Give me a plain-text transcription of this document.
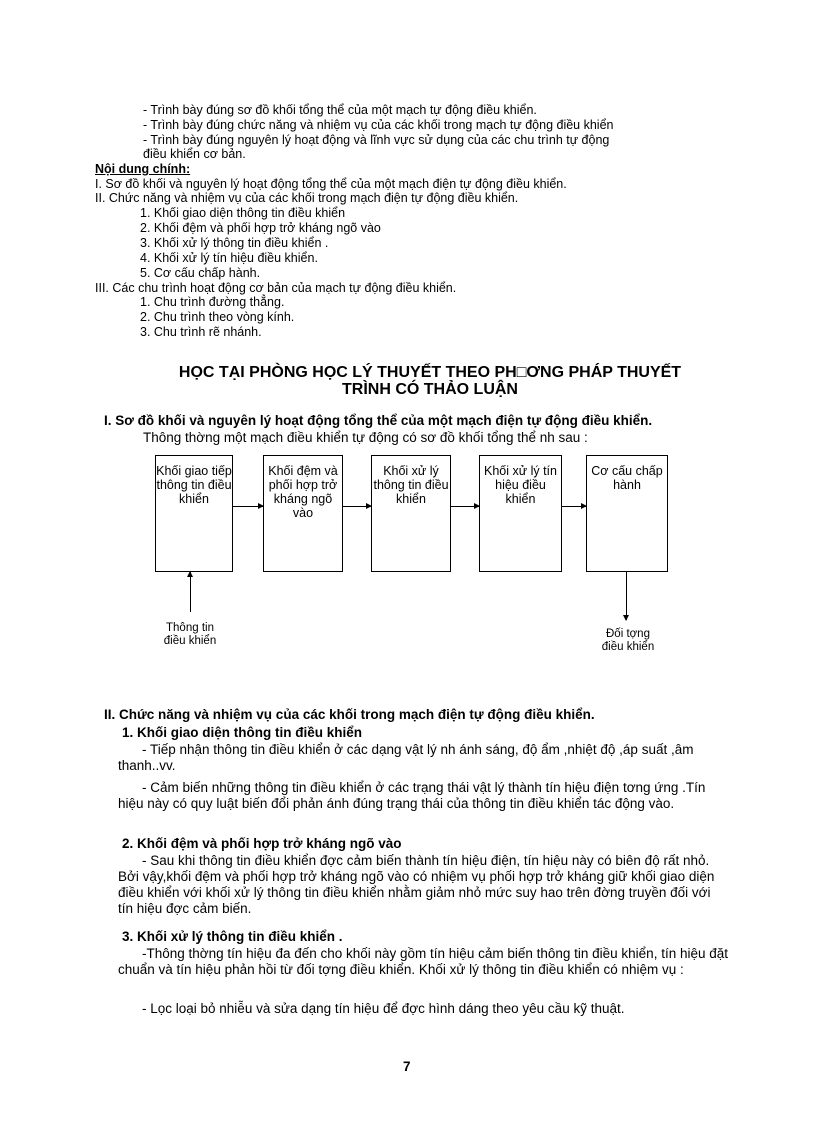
- Trình bày đúng sơ đồ khối tổng thể của một mạch tự động điều khiển.
- Trình bày đúng chức năng và nhiệm vụ của các khối trong mạch tự động điều khiển
- Trình bày đúng nguyên lý hoạt động và lĩnh vực sử dụng của các chu trình tự động
điều khiển cơ bản.
Nội dung chính:
I. Sơ đồ khối và nguyên lý hoạt động tổng thể của một mạch điện tự động điều khiển.
II. Chức năng và nhiệm vụ của các khối trong mạch điện tự động điều khiển.
1. Khối giao diện thông tin điều khiển
2. Khối đệm và phối hợp trở kháng ngõ vào
3. Khối xử lý thông tin điều khiển .
4. Khối xử lý tín hiệu điều khiển.
5. Cơ cấu chấp hành.
III. Các chu trình hoạt động cơ bản của mạch tự động điều khiển.
1. Chu trình đường thẳng.
2. Chu trình theo vòng kính.
3. Chu trình rẽ nhánh.
HỌC TẠI PHÒNG HỌC LÝ THUYẾT THEO PH□ƠNG PHÁP THUYẾT
TRÌNH CÓ THẢO LUẬN
I. Sơ đồ khối và nguyên lý hoạt động tổng thể của một mạch điện tự động điều khiển.
Thông thờng một mạch điều khiển tự động có sơ đồ khối tổng thể nh sau :
Khối giao tiếp thông tin điều khiển
Khối đệm và phối hợp trở kháng ngõ vào
Khối xử lý thông tin điều khiển
Khối xử lý tín hiệu điều khiển
Cơ cấu chấp hành
Thông tin điều khiển
Đối tợng điều khiển
II. Chức năng và nhiệm vụ của các khối trong mạch điện tự động điều khiển.
1. Khối giao diện thông tin điều khiển
- Tiếp nhận thông tin điều khiển ở các dạng vật lý nh ánh sáng, độ ẩm ,nhiệt độ ,áp suất ,âm thanh..vv.
- Cảm biến những thông tin điều khiển ở các trạng thái vật lý thành tín hiệu điện tơng ứng .Tín hiệu này có quy luật biến đổi phản ánh đúng trạng thái của thông tin điều khiển tác động vào.
2. Khối đệm và phối hợp trở kháng ngõ vào
- Sau khi thông tin điều khiển đợc cảm biến thành tín hiệu điện, tín hiệu này có biên độ rất nhỏ. Bởi vậy,khối đệm và phối hợp trở kháng ngõ vào có nhiệm vụ phối hợp trở kháng giữ khối giao diện điều khiển với khối xử lý thông tin điều khiển nhằm giảm nhỏ mức suy hao trên đờng truyền đối với tín hiệu đợc cảm biến.
3. Khối xử lý thông tin điều khiển .
-Thông thờng tín hiệu đa đến cho khối này gồm tín hiệu cảm biến thông tin điều khiển, tín hiệu đặt chuẩn và tín hiệu phản hồi từ đối tợng điều khiển. Khối xử lý thông tin điều khiển có nhiệm vụ :
- Lọc loại bỏ nhiễu và sửa dạng tín hiệu để đợc hình dáng theo yêu cầu kỹ thuật.
7
